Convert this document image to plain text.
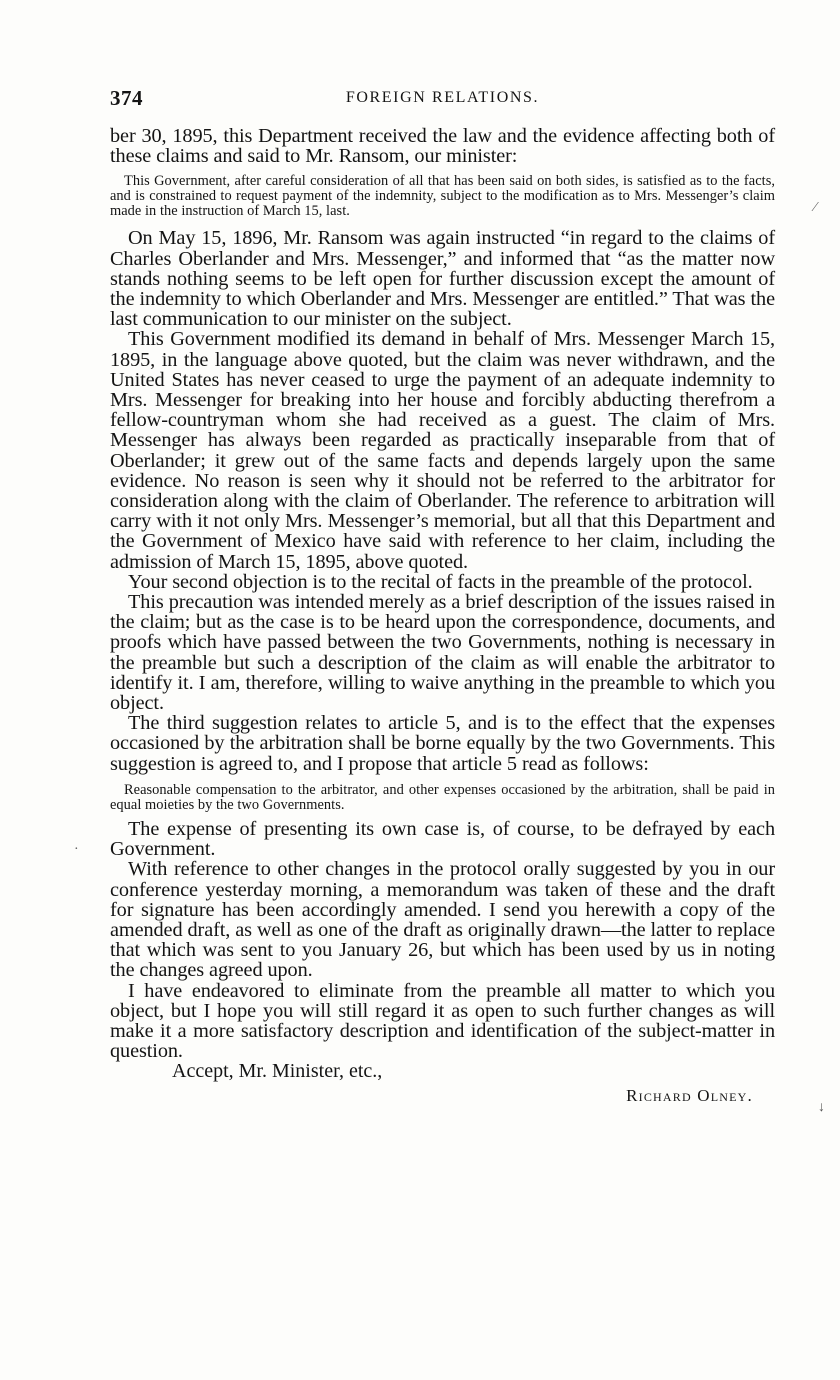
374	FOREIGN RELATIONS.

ber 30, 1895, this Department received the law and the evidence affecting both of these claims and said to Mr. Ransom, our minister:

This Government, after careful consideration of all that has been said on both sides, is satisfied as to the facts, and is constrained to request payment of the indemnity, subject to the modification as to Mrs. Messenger’s claim made in the instruction of March 15, last.

On May 15, 1896, Mr. Ransom was again instructed “in regard to the claims of Charles Oberlander and Mrs. Messenger,” and informed that “as the matter now stands nothing seems to be left open for further discussion except the amount of the indemnity to which Oberlander and Mrs. Messenger are entitled.” That was the last communication to our minister on the subject.

This Government modified its demand in behalf of Mrs. Messenger March 15, 1895, in the language above quoted, but the claim was never withdrawn, and the United States has never ceased to urge the payment of an adequate indemnity to Mrs. Messenger for breaking into her house and forcibly abducting therefrom a fellow-countryman whom she had received as a guest. The claim of Mrs. Messenger has always been regarded as practically inseparable from that of Oberlander; it grew out of the same facts and depends largely upon the same evidence. No reason is seen why it should not be referred to the arbitrator for consideration along with the claim of Oberlander. The reference to arbitration will carry with it not only Mrs. Messenger’s memorial, but all that this Department and the Government of Mexico have said with reference to her claim, including the admission of March 15, 1895, above quoted.

Your second objection is to the recital of facts in the preamble of the protocol.

This precaution was intended merely as a brief description of the issues raised in the claim; but as the case is to be heard upon the correspondence, documents, and proofs which have passed between the two Governments, nothing is necessary in the preamble but such a description of the claim as will enable the arbitrator to identify it. I am, therefore, willing to waive anything in the preamble to which you object.

The third suggestion relates to article 5, and is to the effect that the expenses occasioned by the arbitration shall be borne equally by the two Governments. This suggestion is agreed to, and I propose that article 5 read as follows:

Reasonable compensation to the arbitrator, and other expenses occasioned by the arbitration, shall be paid in equal moieties by the two Governments.

The expense of presenting its own case is, of course, to be defrayed by each Government.

With reference to other changes in the protocol orally suggested by you in our conference yesterday morning, a memorandum was taken of these and the draft for signature has been accordingly amended. I send you herewith a copy of the amended draft, as well as one of the draft as originally drawn—the latter to replace that which was sent to you January 26, but which has been used by us in noting the changes agreed upon.

I have endeavored to eliminate from the preamble all matter to which you object, but I hope you will still regard it as open to such further changes as will make it a more satisfactory description and identification of the subject-matter in question.

Accept, Mr. Minister, etc.,

Richard Olney.

⁄
↓
·
